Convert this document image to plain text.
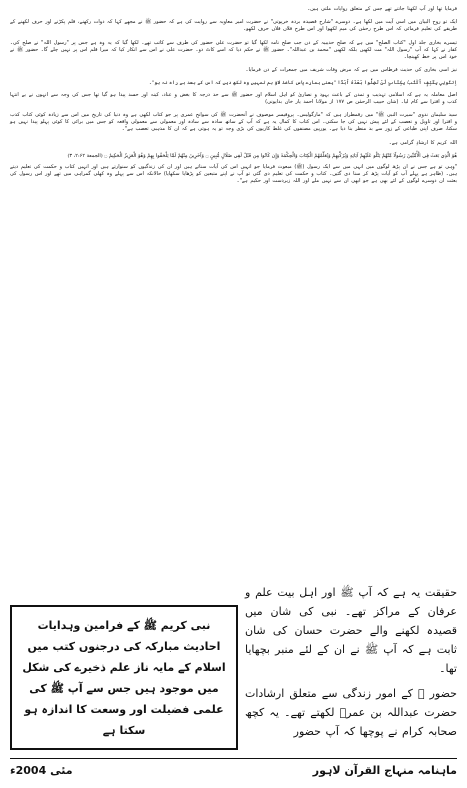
فرمایا تھا اور آپ لکھنا جانتے تھے جس کے متعلق روایات ملتی ہیں۔

ایک تو روح البیان میں اسی آیت میں لکھا ہے۔ دوسرے "شارح قصیدہ بردہ خرپوتی" نے حضرت امیر معاویہ سے روایت کی ہے کہ حضور ﷺ نے مجھے کہا کہ دوات رکھنے، قلم پکڑنے اور حرف لکھنے کے طریقے کی تعلیم فرمائی کہ اس طرح رحمٰن کی میم لکھوا اور اس طرح فلاں فلاں حرف لکھو۔

تیسرے بخاری جلد اول "کتاب الصلح" میں ہے کہ صلح حدیبیہ کے دن جب صلح نامہ لکھا گیا تو حضرت علی حضور کی طرف سے کاتب تھے۔ لکھا گیا کہ یہ وہ ہے جس پر "رسول اللہ" نے صلح کی۔ کفار نے کہا کہ آپ "رسول اللہ" مت لکھیں بلکہ لکھیں "محمد بن عبداللہ"۔ حضور ﷺ نے حکم دیا کہ اسے کاٹ دو۔ حضرت علی نے اس سے انکار کیا کہ میرا قلم اس پر نہیں چلے گا۔ حضور ﷺ نے خود اس پر خط کھینچا۔

نیز اسی بخاری کی حدیث قرطاس میں ہے کہ مرض وفات شریف میں جمعرات کے دن فرمایا۔

اِئتُونِي بِكَتِفٍ أَكْتُبُ بِكِتَابٍ لَنْ تَضِلُّوا بَعْدَهُ أَبَدًا "یعنی ہمارے پاس کاغذ لاؤ ہم تمہیں وہ لکھ دیں کہ اس کے بعد بے راہ نہ ہو"۔

اصل معاملہ یہ ہے کہ اسلامی تہذیب و تمدن کے باعث یہود و نصاریٰ کو اہل اسلام اور حضور ﷺ سے حد درجہ کا بغض و عناد، کینہ اور حسد پیدا ہو گیا تھا جس کی وجہ سے انہوں نے بے انتہا کذب و افترا سے کام لیا۔ (شان حبیب الرحمٰن ص ۱۷۷ از مولانا احمد یار خان بدایونی)

سید سلیمان ندوی "سیرت النبی ﷺ" میں رقمطراز ہیں کہ "مارگولیس۔ پروفیسر موصوف نے آنحضرت ﷺ کی سوانح عمری پر جو کتاب لکھی ہے وہ دنیا کی تاریخ میں اس سے زیادہ کوئی کتاب کذب و افترا اور تاویل و تعصب کے لئے پیش نہیں کی جا سکتی۔ اس کتاب کا کمال یہ ہے کہ آپ کے ساتھ سادہ سے سادہ اور معمولی سے معمولی واقعہ کو جس میں برائی کا کوئی پہلو پیدا نہیں ہو سکتا، صرف اپنی طباعی کے زور سے بد منظر بنا دیا ہے۔ یورپین مصنفوں کی غلط کاریوں کی بڑی وجہ تو یہ ہوتی ہے کہ ان کا مذہبی تعصب ہے"۔

اللہ کریم کا ارشادِ گرامی ہے۔

هُوَ الَّذِي بَعَثَ فِي الْأُمِّيِّينَ رَسُولًا مِّنْهُمْ يَتْلُو عَلَيْهِمْ آيَاتِهِ وَيُزَكِّيهِمْ وَيُعَلِّمُهُمُ الْكِتَابَ وَالْحِكْمَةَ وَإِن كَانُوا مِن قَبْلُ لَفِي ضَلَالٍ مُّبِينٍ ۝ وَآخَرِينَ مِنْهُمْ لَمَّا يَلْحَقُوا بِهِمْ وَهُوَ الْعَزِيزُ الْحَكِيمُ ۝ (الجمعة ۲:۶۲، ۳)

"وہی تو ہے جس نے ان پڑھ لوگوں میں انہی میں سے ایک رسول (ﷺ) مبعوث فرمایا جو انہیں اس کی آیات سناتے ہیں اور ان کی زندگیوں کو سنوارتے ہیں اور انہیں کتاب و حکمت کی تعلیم دیتے ہیں۔ (ظاہر ہے پہلے آپ کو آیات پڑھ کر سنا دی گئیں۔ کتاب و حکمت کی تعلیم دی گئی تو آپ نے اپنے متبعین کو پڑھایا سکھایا) حالانکہ اس سے پہلے وہ کھلی گمراہی میں تھے اور اس رسول کی بعثت ان دوسرے لوگوں کے لئے بھی ہے جو ابھی ان سے نہیں ملے اور اللہ زبردست اور حکیم ہے"۔

حقیقت یہ ہے کہ آپ ﷺ اور اہل بیت علم و عرفان کے مراکز تھے۔ نبی کی شان میں قصیدہ لکھنے والے حضرت حسان کی شان ثابت ہے کہ آپ ﷺ نے ان کے لئے منبر بچھایا تھا۔

حضور ﷺ کے امور زندگی سے متعلق ارشادات حضرت عبداللہ بن عمرؓ لکھتے تھے۔ یہ کچھ صحابہ کرام نے پوچھا کہ آپ حضور

نبی کریم ﷺ کے فرامین وہدایات احادیث مبارکہ کی درجنوں کتب میں اسلام کے مایہ ناز علم ذخیرے کی شکل میں موجود ہیں جس سے آپ ﷺ کی علمی فضیلت اور وسعت کا اندازہ ہو سکتا ہے

ماہنامہ منہاج القرآن لاہور
مئی 2004ء
